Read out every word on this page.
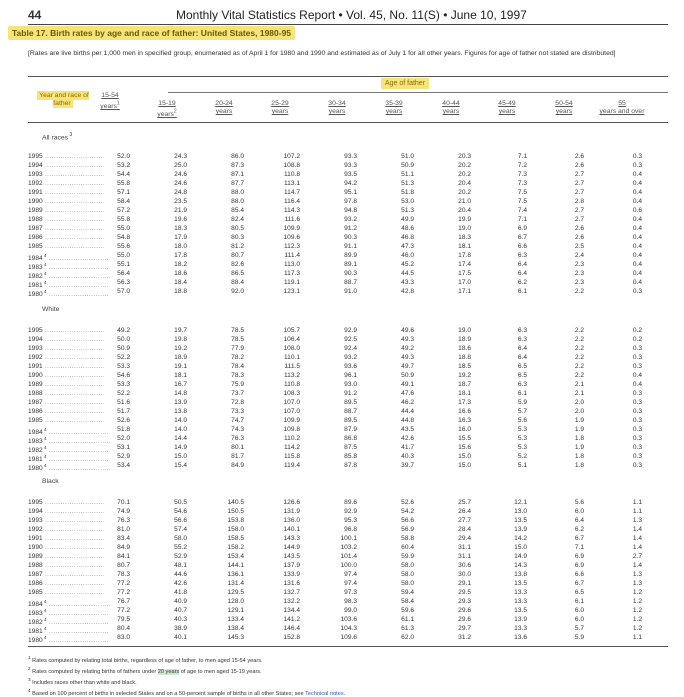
44	Monthly Vital Statistics Report • Vol. 45, No. 11(S) • June 10, 1997
Table 17. Birth rates by age and race of father: United States, 1980-95
[Rates are live births per 1,000 men in specified group, enumerated as of April 1 for 1980 and 1990 and estimated as of July 1 for all other years. Figures for age of father not stated are distributed]
Year and race of father
Age of father
15-54
years$^1$	15-19
years$^2$
20-24
years
25-29
years
30-34
years
35-39
years
40-44
years
45-49
years
50-54
years
55
years and over
All races $^3$
1995 ...........................	52.0	24.3	86.0	107.2	93.3	51.0	20.3	7.1	2.6	0.3
1994 ...........................	53.2	25.0	87.3	108.8	93.3	50.9	20.2	7.2	2.6	0.3
1993 ...........................	54.4	24.6	87.1	110.8	93.5	51.1	20.2	7.3	2.7	0.4
1992 ...........................	55.8	24.6	87.7	113.1	94.2	51.3	20.4	7.3	2.7	0.4
1991 ...........................	57.1	24.8	88.0	114.7	95.1	51.8	20.2	7.5	2.7	0.4
1990 ...........................	58.4	23.5	88.0	116.4	97.8	53.0	21.0	7.5	2.8	0.4
1989 ...........................	57.2	21.9	85.4	114.3	94.8	51.3	20.4	7.4	2.7	0.6
1988 ...........................	55.8	19.6	82.4	111.6	93.2	49.9	19.9	7.1	2.7	0.4
1987 ...........................	55.0	18.3	80.5	109.9	91.2	48.6	19.0	6.9	2.6	0.4
1986 ...........................	54.8	17.9	80.3	109.6	90.3	46.8	18.3	6.7	2.6	0.4
1985 ...........................	55.6	18.0	81.2	112.3	91.1	47.3	18.1	6.6	2.5	0.4
1984 $^4$ ...........................	55.0	17.8	80.7	111.4	89.9	46.0	17.8	6.3	2.4	0.4
1983 $^4$ ...........................	55.1	18.2	82.6	113.0	89.1	45.2	17.4	6.4	2.3	0.4
1982 $^4$ ...........................	56.4	18.6	86.5	117.3	90.3	44.5	17.5	6.4	2.3	0.4
1981 $^4$ ...........................	56.3	18.4	88.4	119.1	88.7	43.3	17.0	6.2	2.3	0.4
1980 $^4$ ...........................	57.0	18.8	92.0	123.1	91.0	42.8	17.1	6.1	2.2	0.3
White
1995 ...........................	49.2	19.7	78.5	105.7	92.9	49.6	19.0	6.3	2.2	0.2
1994 ...........................	50.0	19.8	78.5	106.4	92.5	49.3	18.9	6.3	2.2	0.2
1993 ...........................	50.9	19.2	77.9	108.0	92.4	49.2	18.6	6.4	2.2	0.3
1992 ...........................	52.2	18.9	78.2	110.1	93.2	49.3	18.8	6.4	2.2	0.3
1991 ...........................	53.3	19.1	78.4	111.5	93.6	49.7	18.5	6.5	2.2	0.3
1990 ...........................	54.6	18.1	78.3	113.2	96.1	50.9	19.2	6.5	2.2	0.4
1989 ...........................	53.3	16.7	75.9	110.8	93.0	49.1	18.7	6.3	2.1	0.4
1988 ...........................	52.2	14.8	73.7	108.3	91.2	47.6	18.1	6.1	2.1	0.3
1987 ...........................	51.6	13.9	72.8	107.0	89.5	46.2	17.3	5.9	2.0	0.3
1986 ...........................	51.7	13.8	73.3	107.0	88.7	44.4	16.6	5.7	2.0	0.3
1985 ...........................	52.6	14.0	74.7	109.9	89.5	44.8	16.3	5.6	1.9	0.3
1984 $^4$ ...........................	51.8	14.0	74.3	109.8	87.9	43.5	16.0	5.3	1.9	0.3
1983 $^4$ ...........................	52.0	14.4	76.3	110.2	86.8	42.6	15.5	5.3	1.8	0.3
1982 $^4$ ...........................	53.1	14.9	80.1	114.2	87.5	41.7	15.6	5.3	1.9	0.3
1981 $^4$ ...........................	52.9	15.0	81.7	115.8	85.8	40.3	15.0	5.2	1.8	0.3
1980 $^4$ ...........................	53.4	15.4	84.9	119.4	87.8	39.7	15.0	5.1	1.8	0.3
Black
1995 ...........................	70.1	50.5	140.5	126.6	89.6	52.6	25.7	12.1	5.6	1.1
1994 ...........................	74.9	54.6	150.5	131.9	92.9	54.2	26.4	13.0	6.0	1.1
1993 ...........................	76.3	56.6	153.8	136.0	95.3	56.6	27.7	13.5	6.4	1.3
1992 ...........................	81.0	57.4	158.0	140.1	96.8	56.9	28.4	13.9	6.2	1.4
1991 ...........................	83.4	58.0	158.5	143.3	100.1	58.8	29.4	14.2	6.7	1.4
1990 ...........................	84.9	55.2	158.2	144.9	103.2	60.4	31.1	15.0	7.1	1.4
1989 ...........................	84.1	52.9	153.4	143.5	101.4	59.9	31.1	14.9	6.9	2.7
1988 ...........................	80.7	48.1	144.1	137.9	100.0	58.0	30.6	14.3	6.9	1.4
1987 ...........................	78.3	44.6	136.1	133.9	97.4	58.0	30.0	13.8	6.6	1.3
1986 ...........................	77.2	42.6	131.4	131.6	97.4	58.0	29.1	13.5	6.7	1.3
1985 ...........................	77.2	41.8	129.5	132.7	97.3	59.4	29.5	13.3	6.5	1.2
1984 $^4$ ...........................	76.7	40.9	128.0	132.2	98.3	58.4	29.3	13.3	6.1	1.2
1983 $^4$ ...........................	77.2	40.7	129.1	134.4	99.0	59.6	29.6	13.5	6.0	1.2
1982 $^4$ ...........................	79.5	40.3	133.4	141.2	103.6	61.1	29.6	13.9	6.0	1.2
1981 $^4$ ...........................	80.4	38.9	138.4	146.4	104.3	61.3	29.7	13.3	5.7	1.2
1980 $^4$ ...........................	83.0	40.1	145.3	152.8	109.6	62.0	31.2	13.6	5.9	1.1
$^1$ Rates computed by relating total births, regardless of age of father, to men aged 15-54 years.
$^2$ Rates computed by relating births of fathers under 20 years of age to men aged 15-19 years.
$^3$ Includes races other than white and black.
$^4$ Based on 100 percent of births in selected States and on a 50-percent sample of births in all other States; see Technical notes.
